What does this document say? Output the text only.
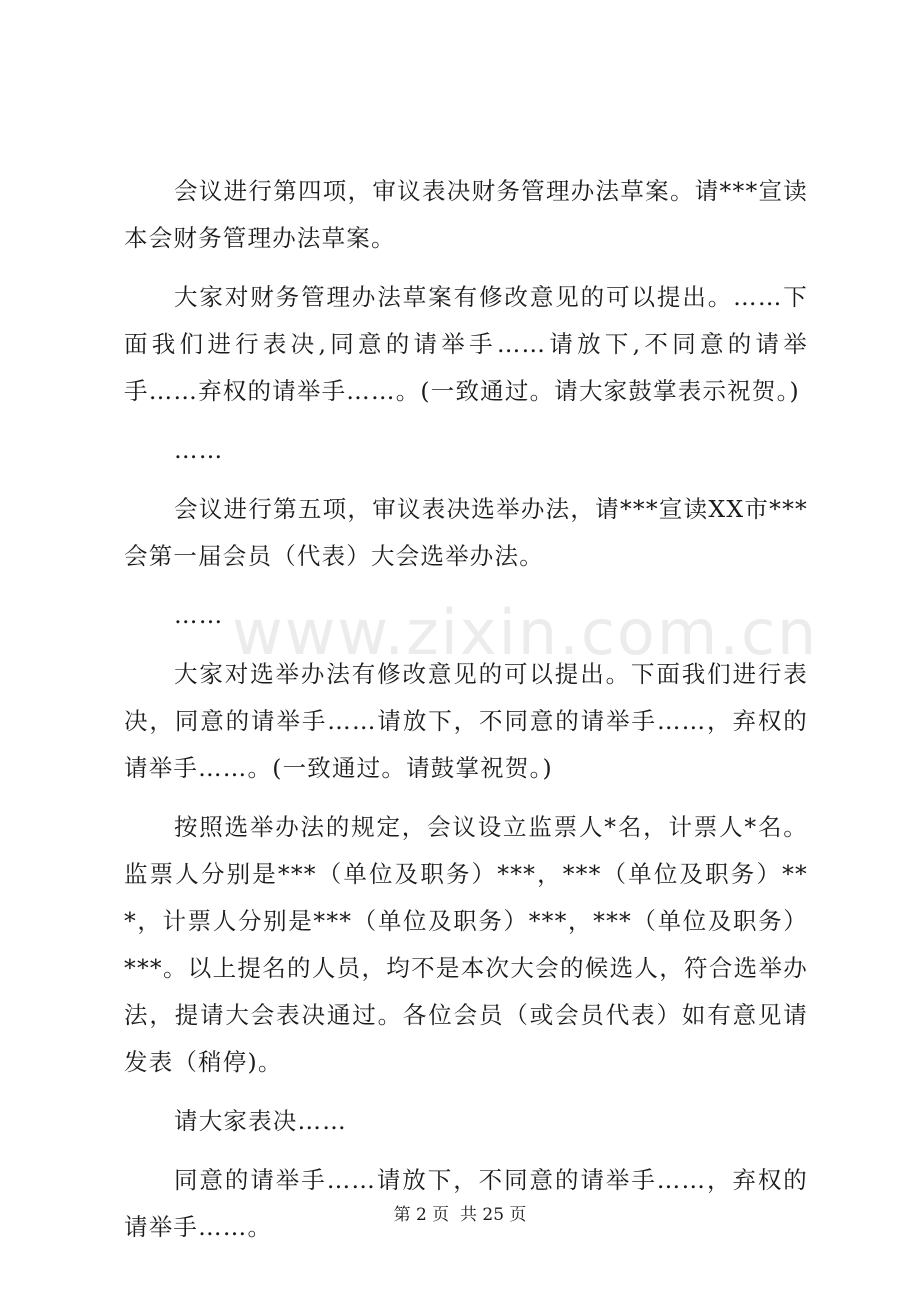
会议进行第四项，审议表决财务管理办法草案。请***宣读本会财务管理办法草案。

大家对财务管理办法草案有修改意见的可以提出。……下面我们进行表决,同意的请举手……请放下,不同意的请举手……弃权的请举手……。(一致通过。请大家鼓掌表示祝贺。)

……

会议进行第五项，审议表决选举办法，请***宣读XX市***会第一届会员（代表）大会选举办法。

……

大家对选举办法有修改意见的可以提出。下面我们进行表决，同意的请举手……请放下，不同意的请举手……，弃权的请举手……。(一致通过。请鼓掌祝贺。)

按照选举办法的规定，会议设立监票人*名，计票人*名。监票人分别是***（单位及职务）***，***（单位及职务）***，计票人分别是***（单位及职务）***，***（单位及职务）***。以上提名的人员，均不是本次大会的候选人，符合选举办法，提请大会表决通过。各位会员（或会员代表）如有意见请发表（稍停)。

请大家表决……

同意的请举手……请放下，不同意的请举手……，弃权的请举手……。

www.zixin.com.cn
第 2 页  共 25 页
